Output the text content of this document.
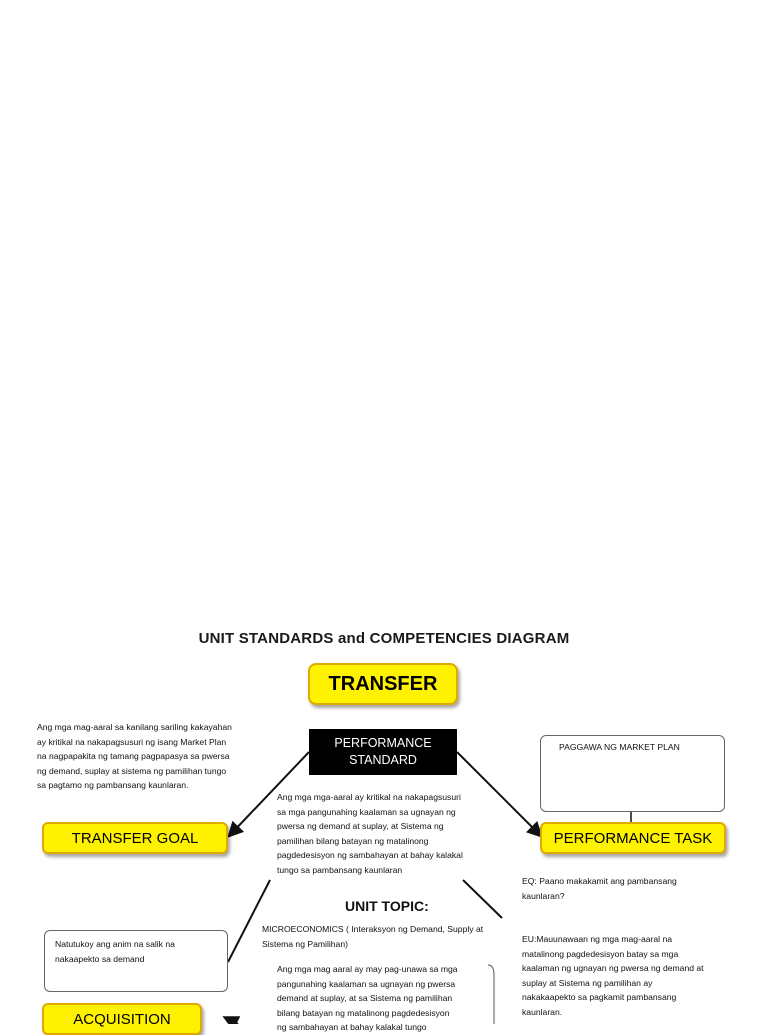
UNIT STANDARDS and COMPETENCIES DIAGRAM
TRANSFER
PERFORMANCE
STANDARD
Ang mga mag-aaral sa kanilang sariling kakayahan
ay kritikal na nakapagsusuri ng isang Market Plan
na nagpapakita ng tamang pagpapasya sa pwersa
ng demand, suplay at sistema ng pamilihan tungo
sa pagtamo ng pambansang kaunlaran.
Ang mga mga-aaral ay kritikal na nakapagsusuri
sa mga pangunahing kaalaman sa ugnayan ng
pwersa ng demand at suplay, at Sistema ng
pamilihan bilang batayan ng matalinong
pagdedesisyon ng sambahayan at bahay kalakal
tungo sa pambansang kaunlaran
PAGGAWA NG MARKET PLAN
TRANSFER GOAL	PERFORMANCE TASK
EQ: Paano makakamit ang pambansang
kaunlaran?
UNIT TOPIC:
MICROECONOMICS ( Interaksyon ng Demand, Supply at
Sistema ng Pamilihan)	EU:Mauunawaan ng mga mag-aaral na
matalinong pagdedesisyon batay sa mga
kaalaman ng ugnayan ng pwersa ng demand at
suplay at Sistema ng pamilihan ay
nakakaapekto sa pagkamit pambansang
kaunlaran.
Natutukoy ang anim na salik na
nakaapekto sa demand
Ang mga mag aaral ay may pag-unawa sa mga
pangunahing kaalaman sa ugnayan ng pwersa
demand at suplay, at sa Sistema ng pamilihan
bilang batayan ng matalinong pagdedesisyon
ng sambahayan at bahay kalakal tungo
ACQUISITION
